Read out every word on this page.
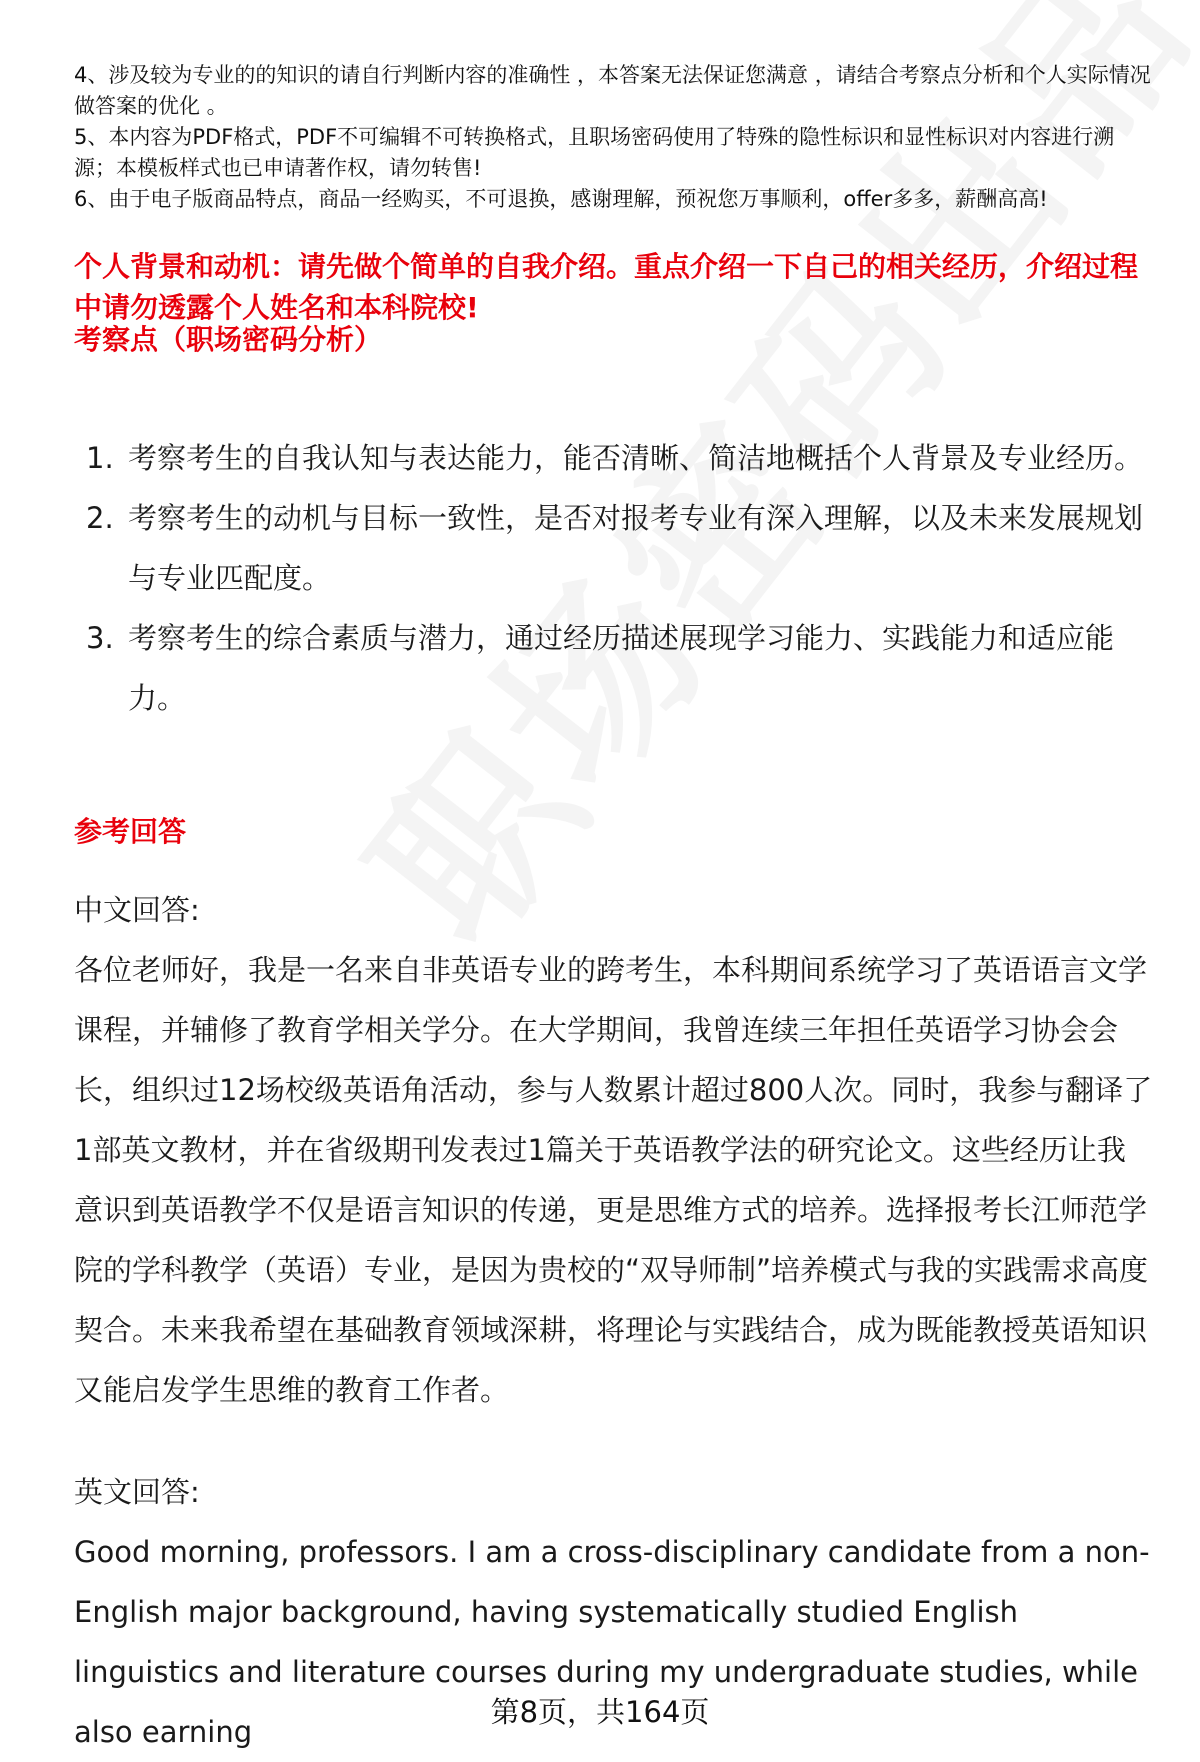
4、涉及较为专业的的知识的请自行判断内容的准确性 ，本答案无法保证您满意 ，请结合考察点分析和个人实际情况做答案的优化 。

5、本内容为PDF格式，PDF不可编辑不可转换格式，且职场密码使用了特殊的隐性标识和显性标识对内容进行溯源；本模板样式也已申请著作权，请勿转售!

6、由于电子版商品特点，商品一经购买，不可退换，感谢理解，预祝您万事顺利，offer多多，薪酬高高!

个人背景和动机：请先做个简单的自我介绍。重点介绍一下自己的相关经历，介绍过程中请勿透露个人姓名和本科院校!
考察点（职场密码分析）
1. 考察考生的自我认知与表达能力，能否清晰、简洁地概括个人背景及专业经历。
2. 考察考生的动机与目标一致性，是否对报考专业有深入理解，以及未来发展规划与专业匹配度。
3. 考察考生的综合素质与潜力，通过经历描述展现学习能力、实践能力和适应能力。
参考回答

中文回答:

各位老师好，我是一名来自非英语专业的跨考生，本科期间系统学习了英语语言文学课程，并辅修了教育学相关学分。在大学期间，我曾连续三年担任英语学习协会会长，组织过12场校级英语角活动，参与人数累计超过800人次。同时，我参与翻译了1部英文教材，并在省级期刊发表过1篇关于英语教学法的研究论文。这些经历让我意识到英语教学不仅是语言知识的传递，更是思维方式的培养。选择报考长江师范学院的学科教学（英语）专业，是因为贵校的“双导师制”培养模式与我的实践需求高度契合。未来我希望在基础教育领域深耕，将理论与实践结合，成为既能教授英语知识又能启发学生思维的教育工作者。

英文回答:

Good morning, professors. I am a cross-disciplinary candidate from a non-English major background, having systematically studied English linguistics and literature courses during my undergraduate studies, while also earning

第8页，共164页
